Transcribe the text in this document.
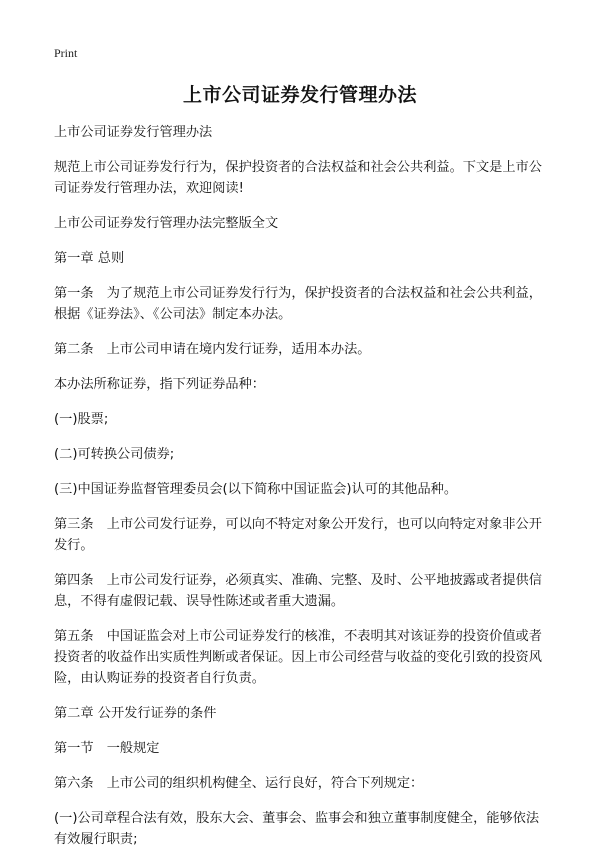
Print
上市公司证券发行管理办法

上市公司证券发行管理办法

规范上市公司证券发行行为，保护投资者的合法权益和社会公共利益。下文是上市公司证券发行管理办法，欢迎阅读!

上市公司证券发行管理办法完整版全文

第一章 总则

第一条　为了规范上市公司证券发行行为，保护投资者的合法权益和社会公共利益，根据《证券法》、《公司法》制定本办法。

第二条　上市公司申请在境内发行证券，适用本办法。

本办法所称证券，指下列证券品种：

(一)股票;

(二)可转换公司债券;

(三)中国证券监督管理委员会(以下简称中国证监会)认可的其他品种。

第三条　上市公司发行证券，可以向不特定对象公开发行，也可以向特定对象非公开发行。

第四条　上市公司发行证券，必须真实、准确、完整、及时、公平地披露或者提供信息，不得有虚假记载、误导性陈述或者重大遗漏。

第五条　中国证监会对上市公司证券发行的核准，不表明其对该证券的投资价值或者投资者的收益作出实质性判断或者保证。因上市公司经营与收益的变化引致的投资风险，由认购证券的投资者自行负责。

第二章 公开发行证券的条件

第一节　一般规定

第六条　上市公司的组织机构健全、运行良好，符合下列规定：

(一)公司章程合法有效，股东大会、董事会、监事会和独立董事制度健全，能够依法有效履行职责;
